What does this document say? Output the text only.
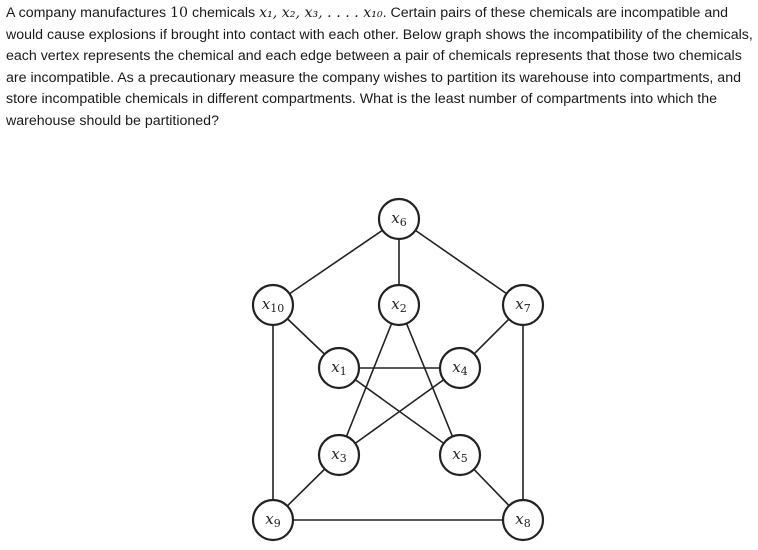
A company manufactures 10 chemicals x₁, x₂, x₃, . . . . x₁₀. Certain pairs of these chemicals are incompatible and would cause explosions if brought into contact with each other. Below graph shows the incompatibility of the chemicals, each vertex represents the chemical and each edge between a pair of chemicals represents that those two chemicals are incompatible. As a precautionary measure the company wishes to partition its warehouse into compartments, and store incompatible chemicals in different compartments. What is the least number of compartments into which the warehouse should be partitioned?

$x_6$
$x_{10}$	$x_2$	$x_7$
$x_1$	$x_4$
$x_3$	$x_5$
$x_9$	$x_8$
